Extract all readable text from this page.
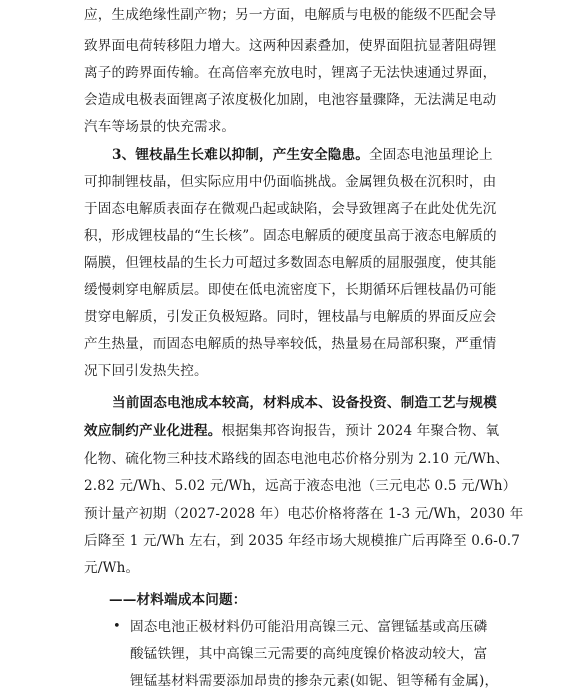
应，生成绝缘性副产物；另一方面，电解质与电极的能级不匹配会导
致界面电荷转移阻力增大。这两种因素叠加，使界面阻抗显著阻碍锂
离子的跨界面传输。在高倍率充放电时，锂离子无法快速通过界面，
会造成电极表面锂离子浓度极化加剧，电池容量骤降，无法满足电动
汽车等场景的快充需求。
3、锂枝晶生长难以抑制，产生安全隐患。全固态电池虽理论上
可抑制锂枝晶，但实际应用中仍面临挑战。金属锂负极在沉积时，由
于固态电解质表面存在微观凸起或缺陷，会导致锂离子在此处优先沉
积，形成锂枝晶的“生长核”。固态电解质的硬度虽高于液态电解质的
隔膜，但锂枝晶的生长力可超过多数固态电解质的屈服强度，使其能
缓慢刺穿电解质层。即使在低电流密度下，长期循环后锂枝晶仍可能
贯穿电解质，引发正负极短路。同时，锂枝晶与电解质的界面反应会
产生热量，而固态电解质的热导率较低，热量易在局部积聚，严重情
况下回引发热失控。
当前固态电池成本较高，材料成本、设备投资、制造工艺与规模
效应制约产业化进程。根据集邦咨询报告，预计 2024 年聚合物、氧
化物、硫化物三种技术路线的固态电池电芯价格分别为 2.10 元/Wh、
2.82 元/Wh、5.02 元/Wh，远高于液态电池（三元电芯 0.5 元/Wh）
预计量产初期（2027-2028 年）电芯价格将落在 1-3 元/Wh，2030 年
后降至 1 元/Wh 左右，到 2035 年经市场大规模推广后再降至 0.6-0.7
元/Wh。
——材料端成本问题：
• 固态电池正极材料仍可能沿用高镍三元、富锂锰基或高压磷
酸锰铁锂，其中高镍三元需要的高纯度镍价格波动较大，富
锂锰基材料需要添加昂贵的掺杂元素(如铌、钽等稀有金属)，
